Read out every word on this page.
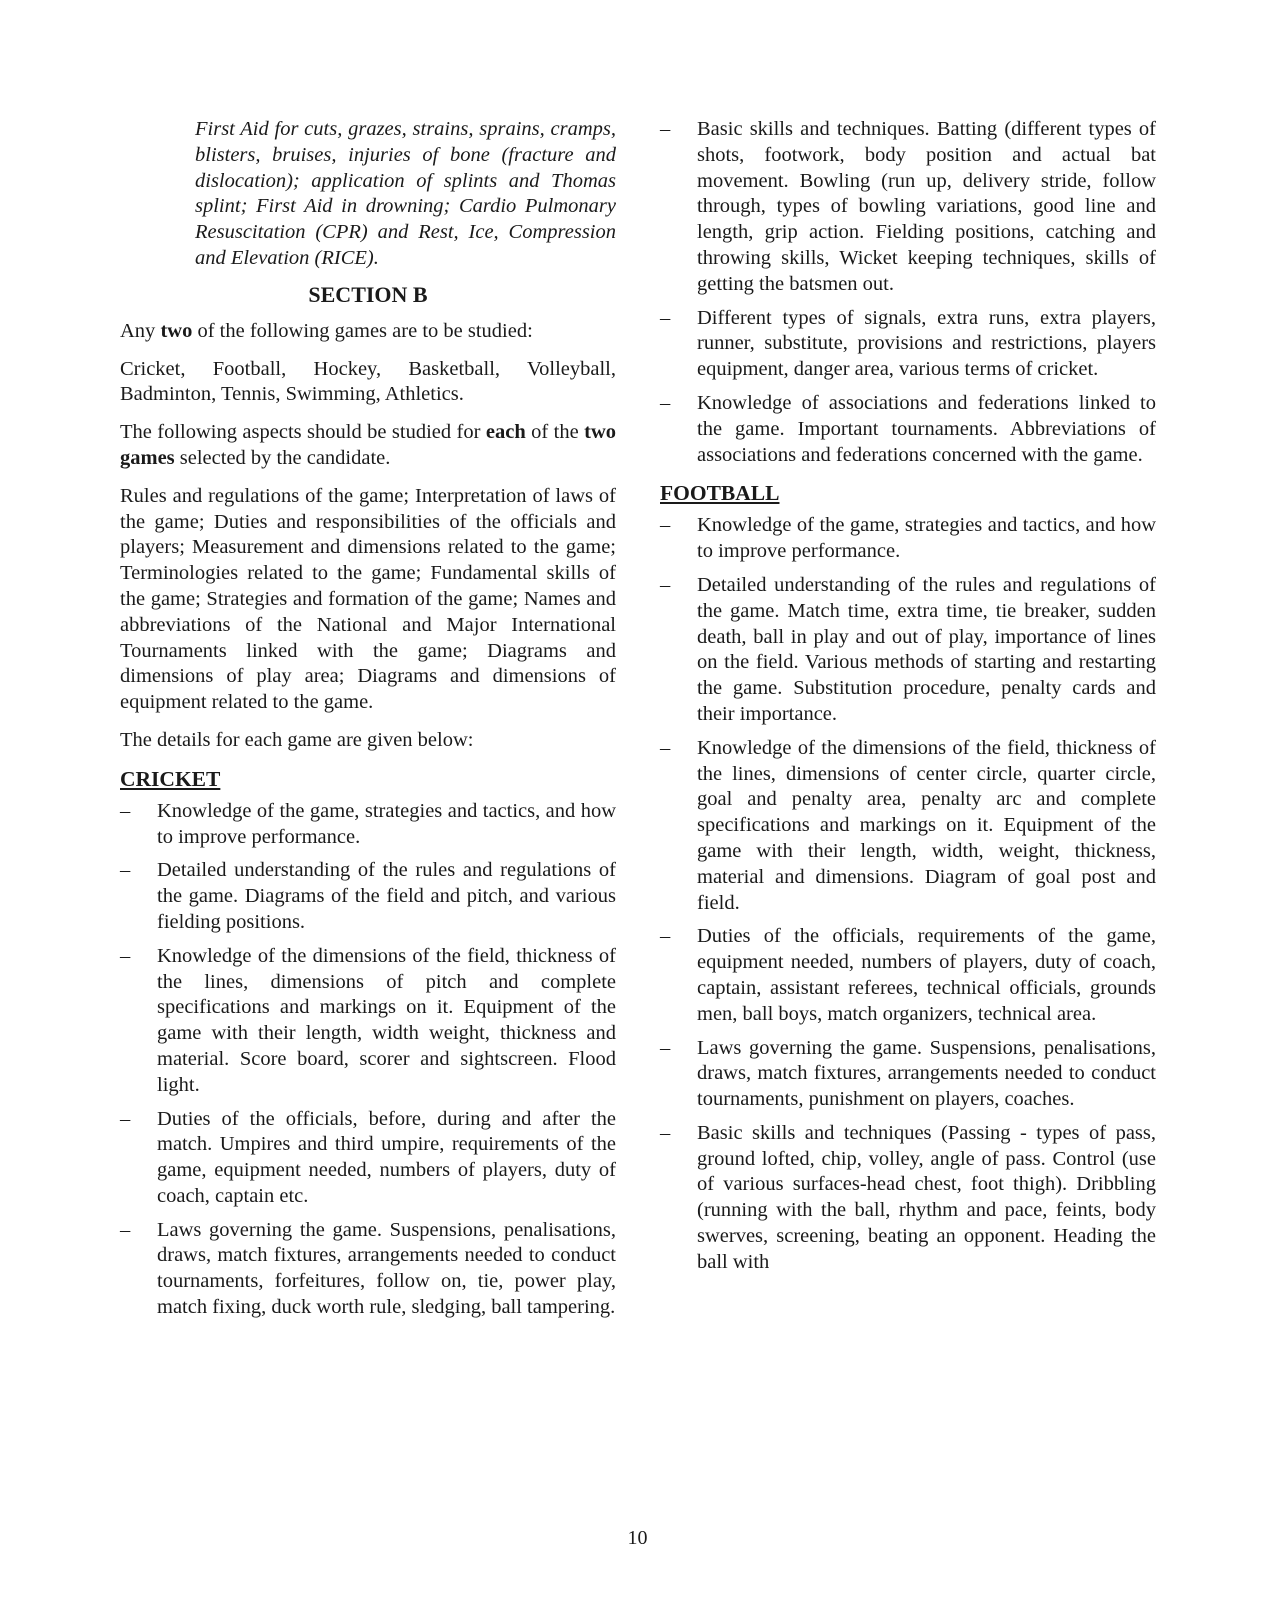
First Aid for cuts, grazes, strains, sprains, cramps, blisters, bruises, injuries of bone (fracture and dislocation); application of splints and Thomas splint; First Aid in drowning; Cardio Pulmonary Resuscitation (CPR) and Rest, Ice, Compression and Elevation (RICE).

SECTION B

Any two of the following games are to be studied:

Cricket, Football, Hockey, Basketball, Volleyball, Badminton, Tennis, Swimming, Athletics.

The following aspects should be studied for each of the two games selected by the candidate.

Rules and regulations of the game; Interpretation of laws of the game; Duties and responsibilities of the officials and players; Measurement and dimensions related to the game; Terminologies related to the game; Fundamental skills of the game; Strategies and formation of the game; Names and abbreviations of the National and Major International Tournaments linked with the game; Diagrams and dimensions of play area; Diagrams and dimensions of equipment related to the game.

The details for each game are given below:

CRICKET
–	Knowledge of the game, strategies and tactics, and how to improve performance.
–	Detailed understanding of the rules and regulations of the game. Diagrams of the field and pitch, and various fielding positions.
–	Knowledge of the dimensions of the field, thickness of the lines, dimensions of pitch and complete specifications and markings on it. Equipment of the game with their length, width weight, thickness and material. Score board, scorer and sightscreen. Flood light.
–	Duties of the officials, before, during and after the match. Umpires and third umpire, requirements of the game, equipment needed, numbers of players, duty of coach, captain etc.
–	Laws governing the game. Suspensions, penalisations, draws, match fixtures, arrangements needed to conduct tournaments, forfeitures, follow on, tie, power play, match fixing, duck worth rule, sledging, ball tampering.
–	Basic skills and techniques. Batting (different types of shots, footwork, body position and actual bat movement. Bowling (run up, delivery stride, follow through, types of bowling variations, good line and length, grip action. Fielding positions, catching and throwing skills, Wicket keeping techniques, skills of getting the batsmen out.
–	Different types of signals, extra runs, extra players, runner, substitute, provisions and restrictions, players equipment, danger area, various terms of cricket.
–	Knowledge of associations and federations linked to the game. Important tournaments. Abbreviations of associations and federations concerned with the game.
FOOTBALL
–	Knowledge of the game, strategies and tactics, and how to improve performance.
–	Detailed understanding of the rules and regulations of the game. Match time, extra time, tie breaker, sudden death, ball in play and out of play, importance of lines on the field. Various methods of starting and restarting the game. Substitution procedure, penalty cards and their importance.
–	Knowledge of the dimensions of the field, thickness of the lines, dimensions of center circle, quarter circle, goal and penalty area, penalty arc and complete specifications and markings on it. Equipment of the game with their length, width, weight, thickness, material and dimensions. Diagram of goal post and field.
–	Duties of the officials, requirements of the game, equipment needed, numbers of players, duty of coach, captain, assistant referees, technical officials, grounds men, ball boys, match organizers, technical area.
–	Laws governing the game. Suspensions, penalisations, draws, match fixtures, arrangements needed to conduct tournaments, punishment on players, coaches.
–	Basic skills and techniques (Passing - types of pass, ground lofted, chip, volley, angle of pass. Control (use of various surfaces-head chest, foot thigh). Dribbling (running with the ball, rhythm and pace, feints, body swerves, screening, beating an opponent. Heading the ball with
10
